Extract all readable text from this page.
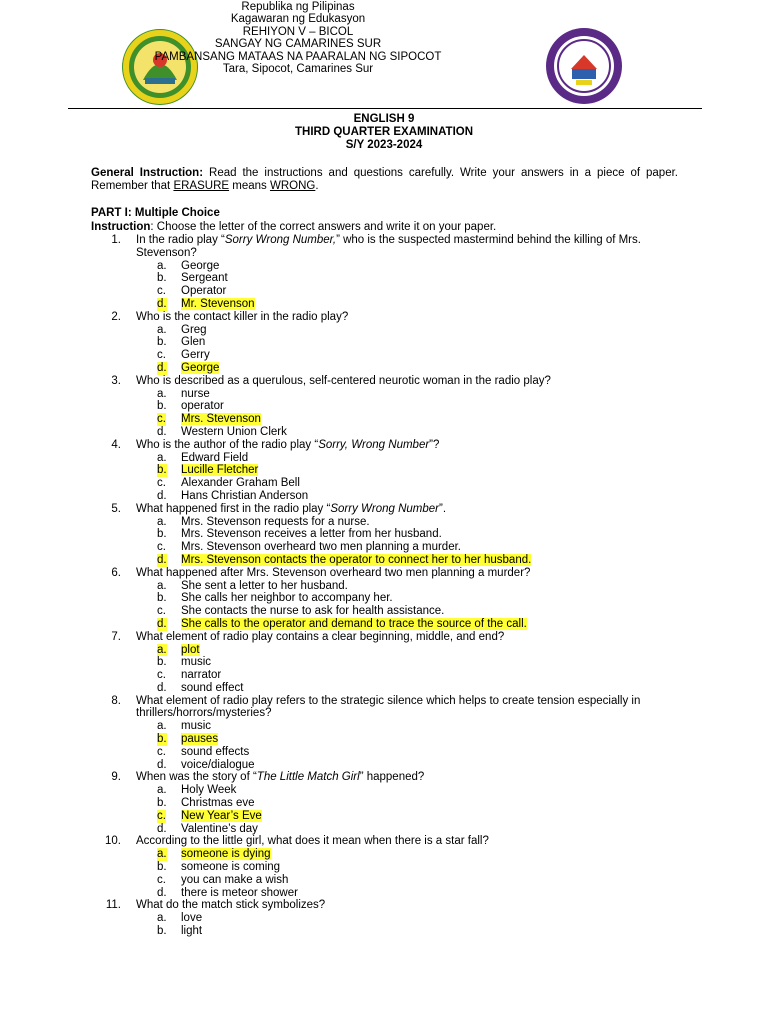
Republika ng Pilipinas
Kagawaran ng Edukasyon
REHIYON V – BICOL
SANGAY NG CAMARINES SUR
PAMBANSANG MATAAS NA PAARALAN NG SIPOCOT
Tara, Sipocot, Camarines Sur
ENGLISH 9
THIRD QUARTER EXAMINATION
S/Y 2023-2024
General Instruction: Read the instructions and questions carefully. Write your answers in a piece of paper. Remember that ERASURE means WRONG.
PART I: Multiple Choice
Instruction: Choose the letter of the correct answers and write it on your paper.
1. In the radio play “Sorry Wrong Number,” who is the suspected mastermind behind the killing of Mrs. Stevenson?
a. George
b. Sergeant
c. Operator
d. Mr. Stevenson
2. Who is the contact killer in the radio play?
a. Greg
b. Glen
c. Gerry
d. George
3. Who is described as a querulous, self-centered neurotic woman in the radio play?
a. nurse
b. operator
c. Mrs. Stevenson
d. Western Union Clerk
4. Who is the author of the radio play “Sorry, Wrong Number”?
a. Edward Field
b. Lucille Fletcher
c. Alexander Graham Bell
d. Hans Christian Anderson
5. What happened first in the radio play “Sorry Wrong Number”.
a. Mrs. Stevenson requests for a nurse.
b. Mrs. Stevenson receives a letter from her husband.
c. Mrs. Stevenson overheard two men planning a murder.
d. Mrs. Stevenson contacts the operator to connect her to her husband.
6. What happened after Mrs. Stevenson overheard two men planning a murder?
a. She sent a letter to her husband.
b. She calls her neighbor to accompany her.
c. She contacts the nurse to ask for health assistance.
d. She calls to the operator and demand to trace the source of the call.
7. What element of radio play contains a clear beginning, middle, and end?
a. plot
b. music
c. narrator
d. sound effect
8. What element of radio play refers to the strategic silence which helps to create tension especially in thrillers/horrors/mysteries?
a. music
b. pauses
c. sound effects
d. voice/dialogue
9. When was the story of “The Little Match Girl” happened?
a. Holy Week
b. Christmas eve
c. New Year’s Eve
d. Valentine’s day
10. According to the little girl, what does it mean when there is a star fall?
a. someone is dying
b. someone is coming
c. you can make a wish
d. there is meteor shower
11. What do the match stick symbolizes?
a. love
b. light
